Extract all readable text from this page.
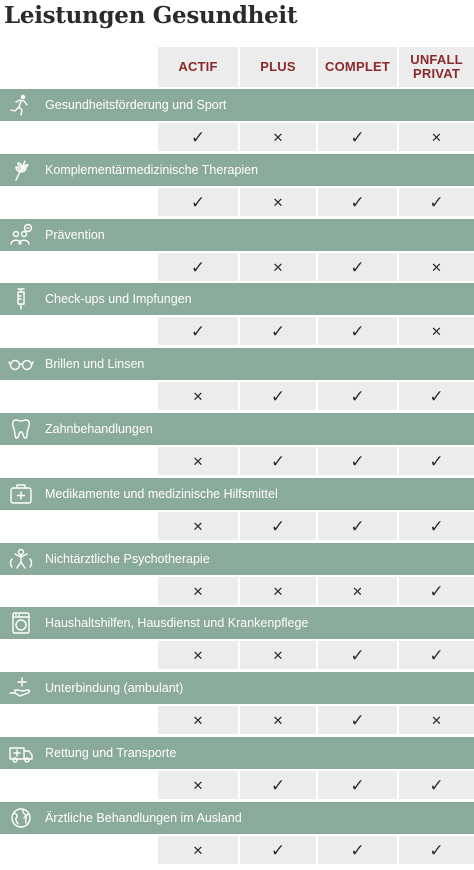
Leistungen Gesundheit
ACTIF	PLUS	COMPLET	UNFALL
PRIVAT
Gesundheitsförderung und Sport
✓	✕	✓	✕
Komplementärmedizinische Therapien
✓	✕	✓	✓
Prävention
✓	✕	✓	✕
Check-ups und Impfungen
✓	✓	✓	✕
Brillen und Linsen
✕	✓	✓	✓
Zahnbehandlungen
✕	✓	✓	✓
Medikamente und medizinische Hilfsmittel
✕	✓	✓	✓
Nichtärztliche Psychotherapie
✕	✕	✕	✓
Haushaltshilfen, Hausdienst und Krankenpflege
✕	✕	✓	✓
Unterbindung (ambulant)
✕	✕	✓	✕
Rettung und Transporte
✕	✓	✓	✓
Ärztliche Behandlungen im Ausland
✕	✓	✓	✓
